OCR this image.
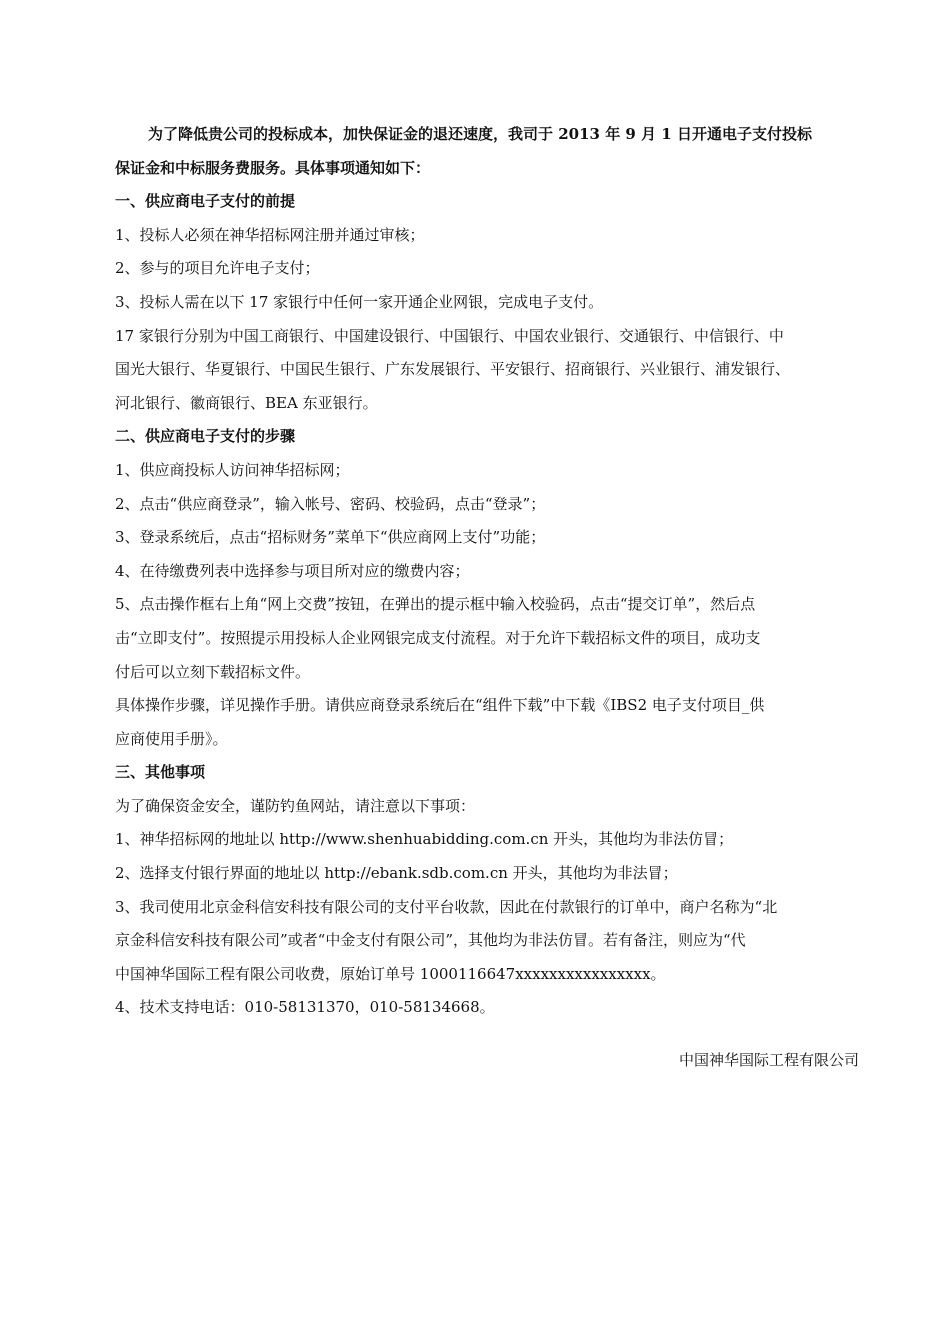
为了降低贵公司的投标成本，加快保证金的退还速度，我司于 2013 年 9 月 1 日开通电子支付投标

保证金和中标服务费服务。具体事项通知如下：

一、供应商电子支付的前提

1、投标人必须在神华招标网注册并通过审核；

2、参与的项目允许电子支付；

3、投标人需在以下 17 家银行中任何一家开通企业网银，完成电子支付。

17 家银行分别为中国工商银行、中国建设银行、中国银行、中国农业银行、交通银行、中信银行、中

国光大银行、华夏银行、中国民生银行、广东发展银行、平安银行、招商银行、兴业银行、浦发银行、

河北银行、徽商银行、BEA 东亚银行。

二、供应商电子支付的步骤

1、供应商投标人访问神华招标网；

2、点击“供应商登录”，输入帐号、密码、校验码，点击“登录”；

3、登录系统后，点击“招标财务”菜单下“供应商网上支付”功能；

4、在待缴费列表中选择参与项目所对应的缴费内容；

5、点击操作框右上角“网上交费”按钮，在弹出的提示框中输入校验码，点击“提交订单”，然后点

击“立即支付”。按照提示用投标人企业网银完成支付流程。对于允许下载招标文件的项目，成功支

付后可以立刻下载招标文件。

具体操作步骤，详见操作手册。请供应商登录系统后在“组件下载”中下载《IBS2 电子支付项目_供

应商使用手册》。

三、其他事项

为了确保资金安全，谨防钓鱼网站，请注意以下事项：

1、神华招标网的地址以 http://www.shenhuabidding.com.cn 开头，其他均为非法仿冒；

2、选择支付银行界面的地址以 http://ebank.sdb.com.cn 开头，其他均为非法冒；

3、我司使用北京金科信安科技有限公司的支付平台收款，因此在付款银行的订单中，商户名称为“北

京金科信安科技有限公司”或者“中金支付有限公司”，其他均为非法仿冒。若有备注，则应为“代

中国神华国际工程有限公司收费，原始订单号 1000116647xxxxxxxxxxxxxxxx。

4、技术支持电话：010-58131370，010-58134668。

中国神华国际工程有限公司
